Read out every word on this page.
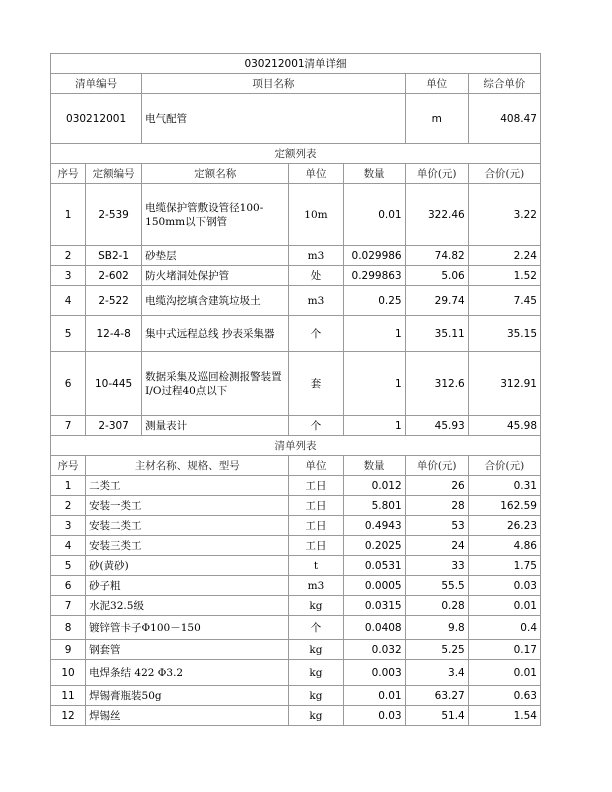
030212001清单详细						
清单编号		项目名称			单位	综合单价
030212001		电气配管			m	408.47
定额列表						
序号	定额编号	定额名称	单位	数量	单价(元)	合价(元)
1	2-539	电缆保护管敷设管径100-150mm以下钢管	10m	0.01	322.46	3.22
2	SB2-1	砂垫层	m3	0.029986	74.82	2.24
3	2-602	防火堵洞处保护管	处	0.299863	5.06	1.52
4	2-522	电缆沟挖填含建筑垃圾土	m3	0.25	29.74	7.45
5	12-4-8	集中式远程总线 抄表采集器	个	1	35.11	35.15
6	10-445	数据采集及巡回检测报警装置I/O过程40点以下	套	1	312.6	312.91
7	2-307	测量表计	个	1	45.93	45.98
清单列表						
序号	主材名称、规格、型号		单位	数量	单价(元)	合价(元)
1	二类工		工日	0.012	26	0.31
2	安装一类工		工日	5.801	28	162.59
3	安装二类工		工日	0.4943	53	26.23
4	安装三类工		工日	0.2025	24	4.86
5	砂(黄砂)		t	0.0531	33	1.75
6	砂子粗		m3	0.0005	55.5	0.03
7	水泥32.5级		kg	0.0315	0.28	0.01
8	镀锌管卡子Φ100－150		个	0.0408	9.8	0.4
9	钢套管		kg	0.032	5.25	0.17
10	电焊条结 422 Φ3.2		kg	0.003	3.4	0.01
11	焊锡膏瓶装50g		kg	0.01	63.27	0.63
12	焊锡丝		kg	0.03	51.4	1.54
